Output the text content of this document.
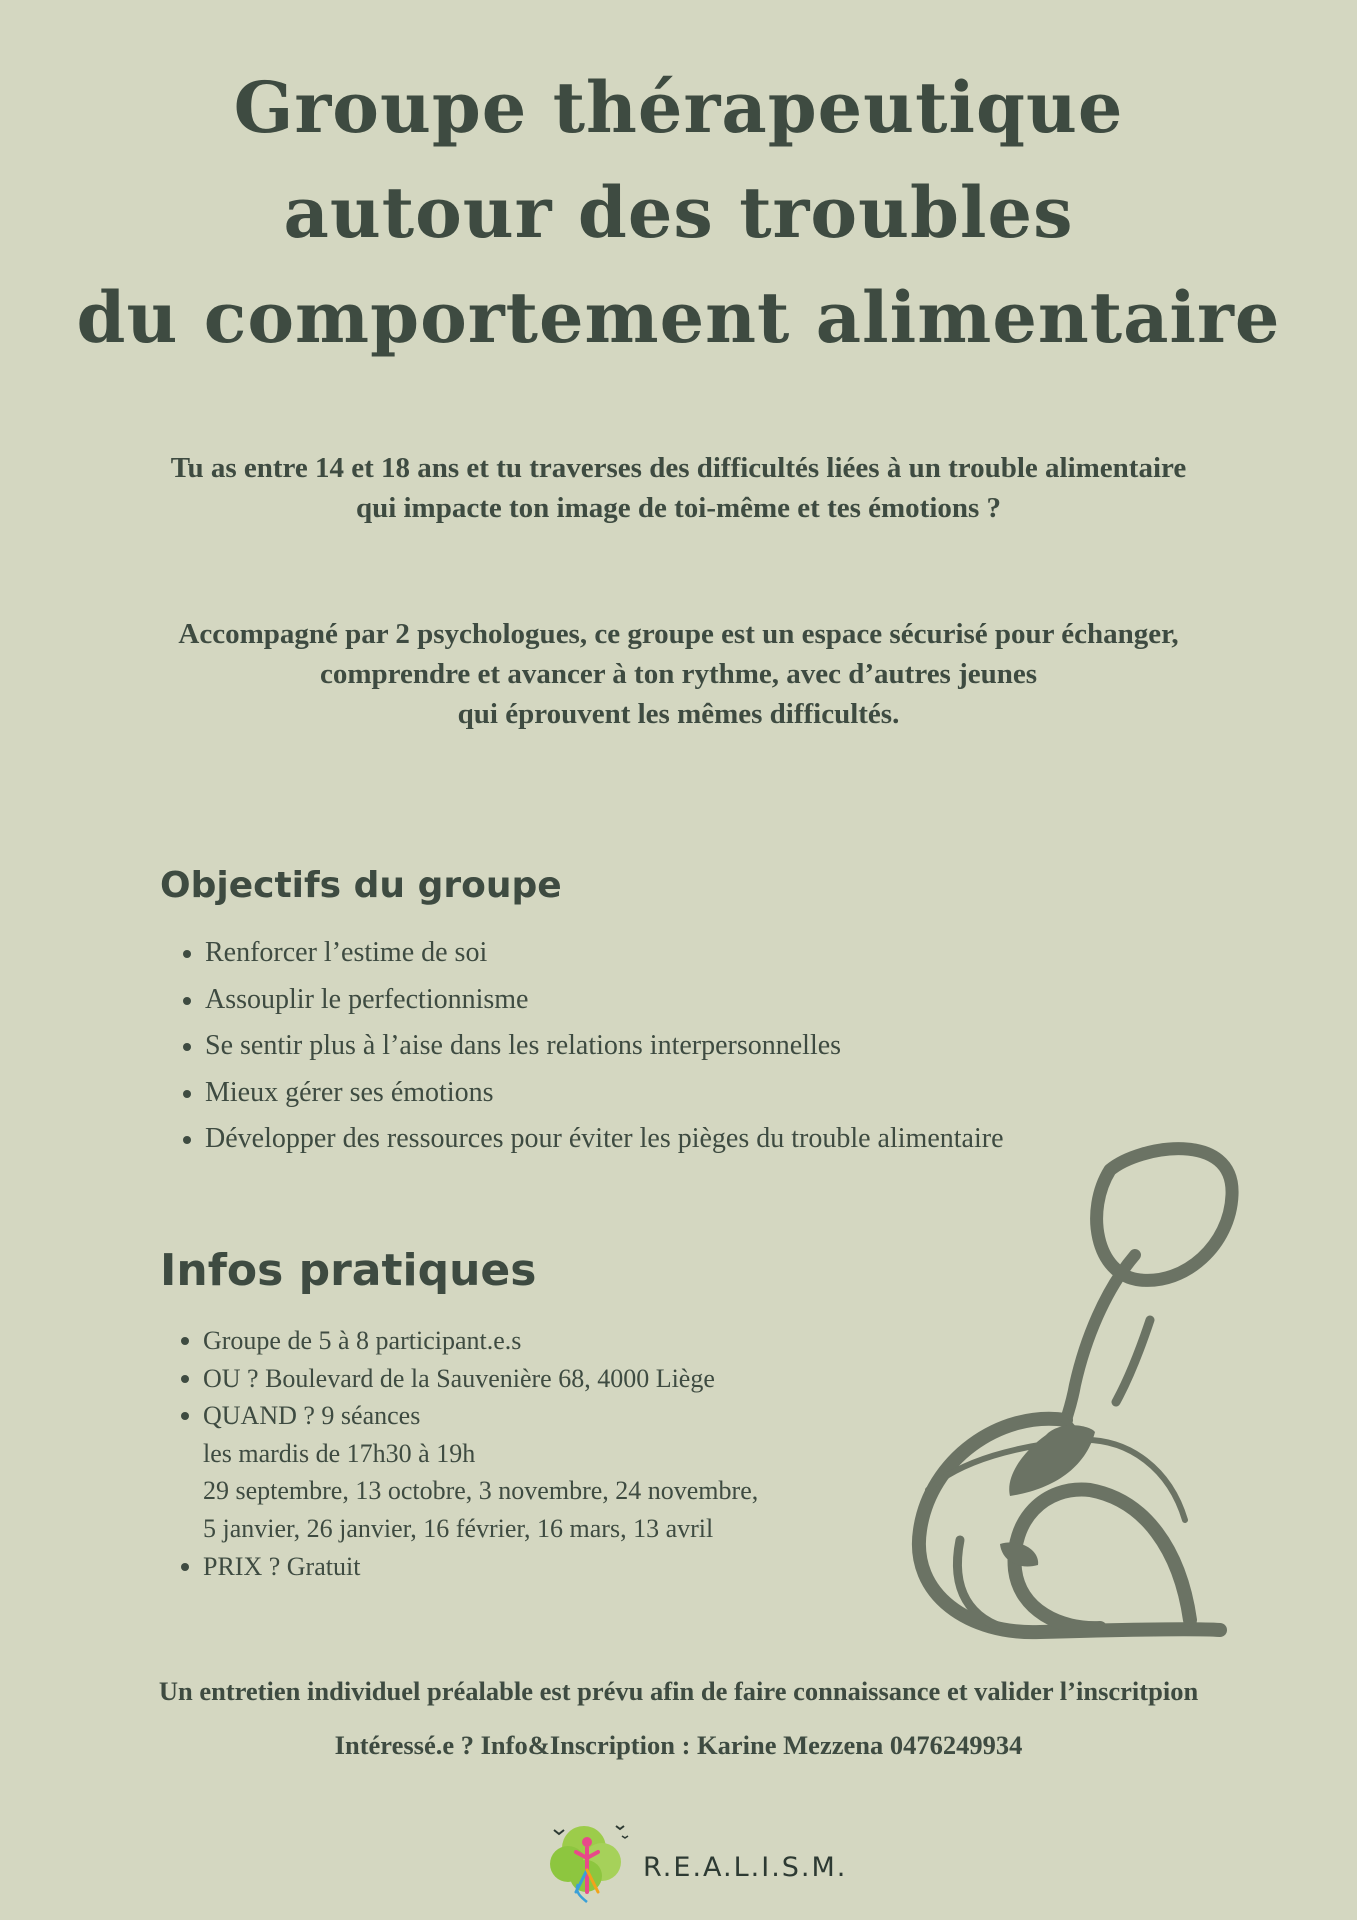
Groupe thérapeutique
autour des troubles
du comportement alimentaire
Tu as entre 14 et 18 ans et tu traverses des difficultés liées à un trouble alimentaire
qui impacte ton image de toi-même et tes émotions ?
Accompagné par 2 psychologues, ce groupe est un espace sécurisé pour échanger,
comprendre et avancer à ton rythme, avec d’autres jeunes
qui éprouvent les mêmes difficultés.
Objectifs du groupe
Renforcer l’estime de soi
Assouplir le perfectionnisme
Se sentir plus à l’aise dans les relations interpersonnelles
Mieux gérer ses émotions
Développer des ressources pour éviter les pièges du trouble alimentaire
Infos pratiques
Groupe de 5 à 8 participant.e.s
OU ? Boulevard de la Sauvenière 68, 4000 Liège
QUAND ? 9 séances
les mardis de 17h30 à 19h
29 septembre, 13 octobre, 3 novembre, 24 novembre,
5 janvier, 26 janvier, 16 février, 16 mars, 13 avril
PRIX ? Gratuit
Un entretien individuel préalable est prévu afin de faire connaissance et valider l’inscritpion
Intéressé.e ? Info&Inscription : Karine Mezzena 0476249934
R.E.A.L.I.S.M.
